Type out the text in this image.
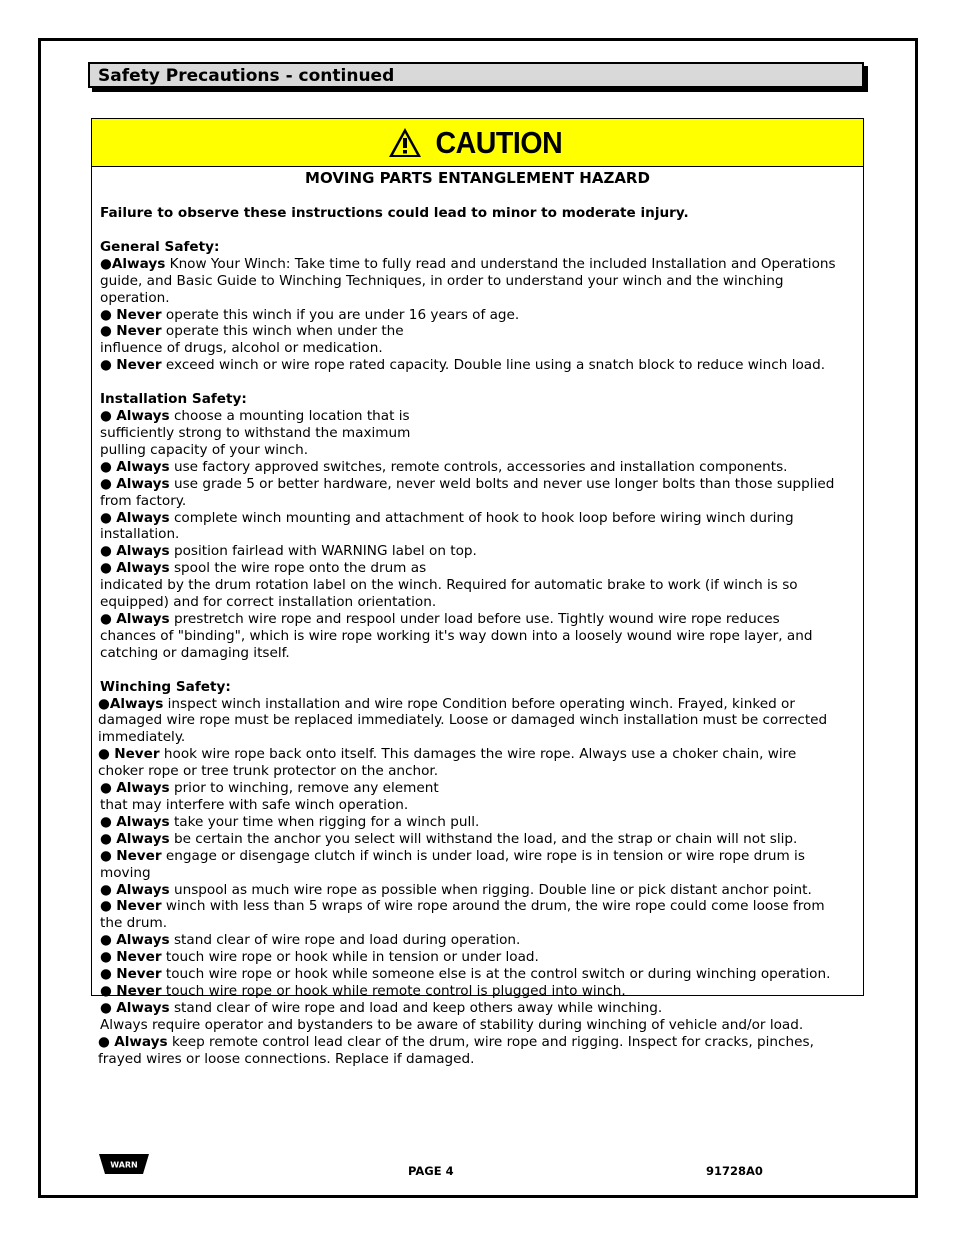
Safety Precautions - continued
CAUTION
MOVING PARTS ENTANGLEMENT HAZARD

Failure to observe these instructions could lead to minor to moderate injury.

General Safety:

●Always Know Your Winch: Take time to fully read and understand the included Installation and Operations guide, and Basic Guide to Winching Techniques, in order to understand your winch and the winching operation.

● Never operate this winch if you are under 16 years of age.

● Never operate this winch when under the

influence of drugs, alcohol or medication.

● Never exceed winch or wire rope rated capacity. Double line using a snatch block to reduce winch load.

Installation Safety:

● Always choose a mounting location that is

sufficiently strong to withstand the maximum

pulling capacity of your winch.

● Always use factory approved switches, remote controls, accessories and installation components.

● Always use grade 5 or better hardware, never weld bolts and never use longer bolts than those supplied from factory.

● Always complete winch mounting and attachment of hook to hook loop before wiring winch during installation.

● Always position fairlead with WARNING label on top.

● Always spool the wire rope onto the drum as

indicated by the drum rotation label on the winch. Required for automatic brake to work (if winch is so equipped) and for correct installation orientation.

● Always prestretch wire rope and respool under load before use. Tightly wound wire rope reduces chances of "binding", which is wire rope working it's way down into a loosely wound wire rope layer, and catching or damaging itself.

Winching Safety:

●Always inspect winch installation and wire rope Condition before operating winch. Frayed, kinked or damaged wire rope must be replaced immediately. Loose or damaged winch installation must be corrected immediately.

● Never hook wire rope back onto itself. This damages the wire rope. Always use a choker chain, wire choker rope or tree trunk protector on the anchor.

● Always prior to winching, remove any element

that may interfere with safe winch operation.

● Always take your time when rigging for a winch pull.

● Always be certain the anchor you select will withstand the load, and the strap or chain will not slip.

● Never engage or disengage clutch if winch is under load, wire rope is in tension or wire rope drum is moving

● Always unspool as much wire rope as possible when rigging. Double line or pick distant anchor point.

● Never winch with less than 5 wraps of wire rope around the drum, the wire rope could come loose from the drum.

● Always stand clear of wire rope and load during operation.

● Never touch wire rope or hook while in tension or under load.

● Never touch wire rope or hook while someone else is at the control switch or during winching operation.

● Never touch wire rope or hook while remote control is plugged into winch.

● Always stand clear of wire rope and load and keep others away while winching.

Always require operator and bystanders to be aware of stability during winching of vehicle and/or load.

● Always keep remote control lead clear of the drum, wire rope and rigging. Inspect for cracks, pinches, frayed wires or loose connections. Replace if damaged.

WARN	PAGE 4	91728A0
